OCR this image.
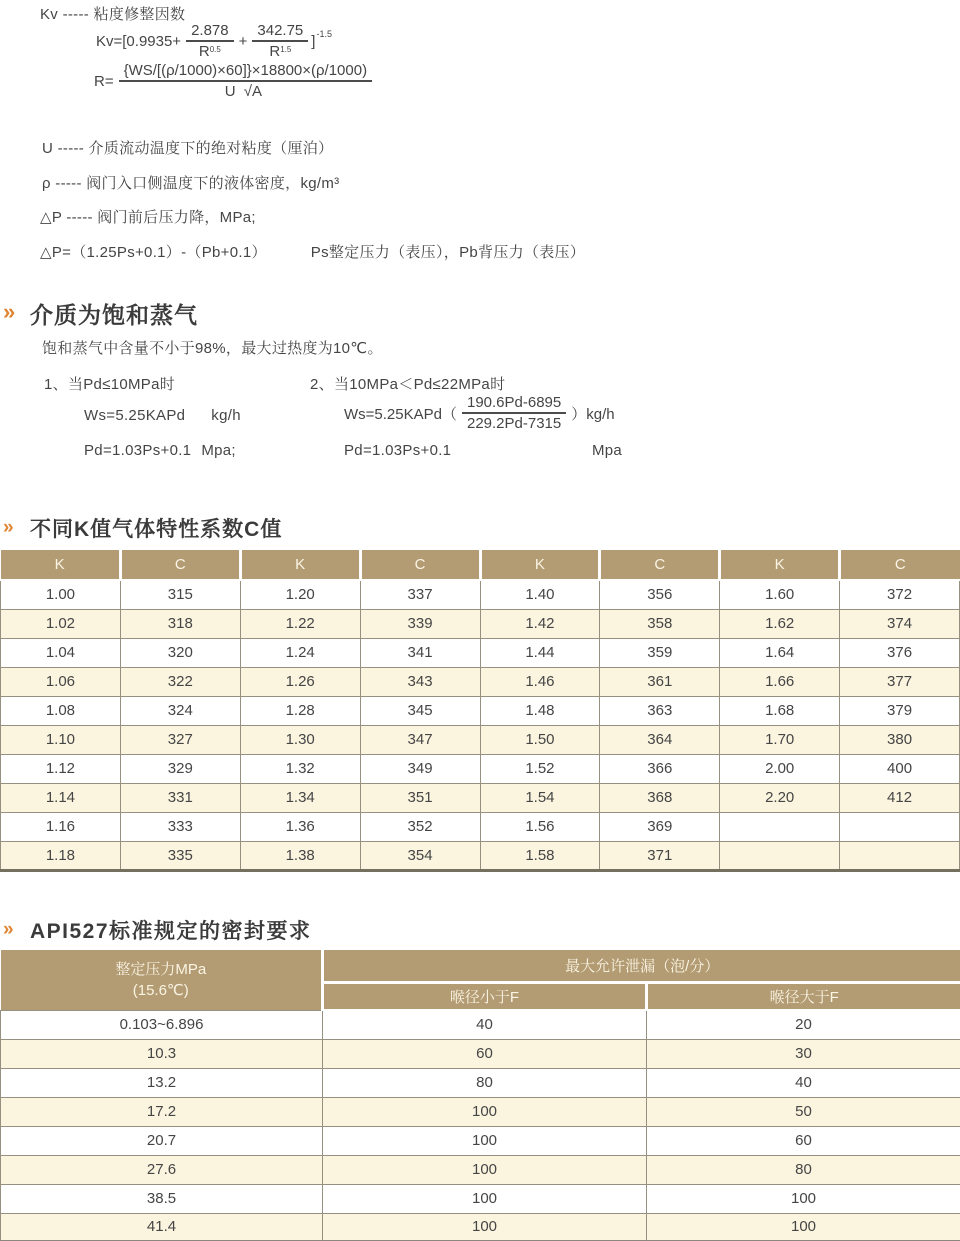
Kv ----- 粘度修整因数
$Kv=[0.9935+ \frac{2.878}{R^{0.5}} + \frac{342.75}{R^{1.5}}$ ] -1.5
$R= \frac{\{WS/[(\rho/1000)\times 60]\}\times 18800\times(\rho/1000)}{U √A}$
U ----- 介质流动温度下的绝对粘度（厘泊）
ρ ----- 阀门入口侧温度下的液体密度，kg/m³
△P ----- 阀门前后压力降，MPa;
△P=（1.25Ps+0.1）-（Pb+0.1）	Ps整定压力（表压），Pb背压力（表压）
» 介质为饱和蒸气
饱和蒸气中含量不小于98%，最大过热度为10℃。
1、当Pd≤10MPa时	2、当10MPa＜Pd≤22MPa时
Ws=5.25KAPd kg/h
Pd=1.03Ps+0.1 Mpa;
Ws=5.25KAPd（ $\frac{190.6Pd-6895}{229.2Pd-7315} )kg/h$
Pd=1.03Ps+0.1	Mpa
» 不同K值气体特性系数C值
K	C	K	C	K	C	K	C
1.00	315	1.20	337	1.40	356	1.60	372
1.02	318	1.22	339	1.42	358	1.62	374
1.04	320	1.24	341	1.44	359	1.64	376
1.06	322	1.26	343	1.46	361	1.66	377
1.08	324	1.28	345	1.48	363	1.68	379
1.10	327	1.30	347	1.50	364	1.70	380
1.12	329	1.32	349	1.52	366	2.00	400
1.14	331	1.34	351	1.54	368	2.20	412
1.16	333	1.36	352	1.56	369		
1.18	335	1.38	354	1.58	371		
» API527标准规定的密封要求
整定压力MPa
(15.6℃)	最大允许泄漏（泡/分）	
	喉径小于F	喉径大于F
0.103~6.896	40	20
10.3	60	30
13.2	80	40
17.2	100	50
20.7	100	60
27.6	100	80
38.5	100	100
41.4	100	100
